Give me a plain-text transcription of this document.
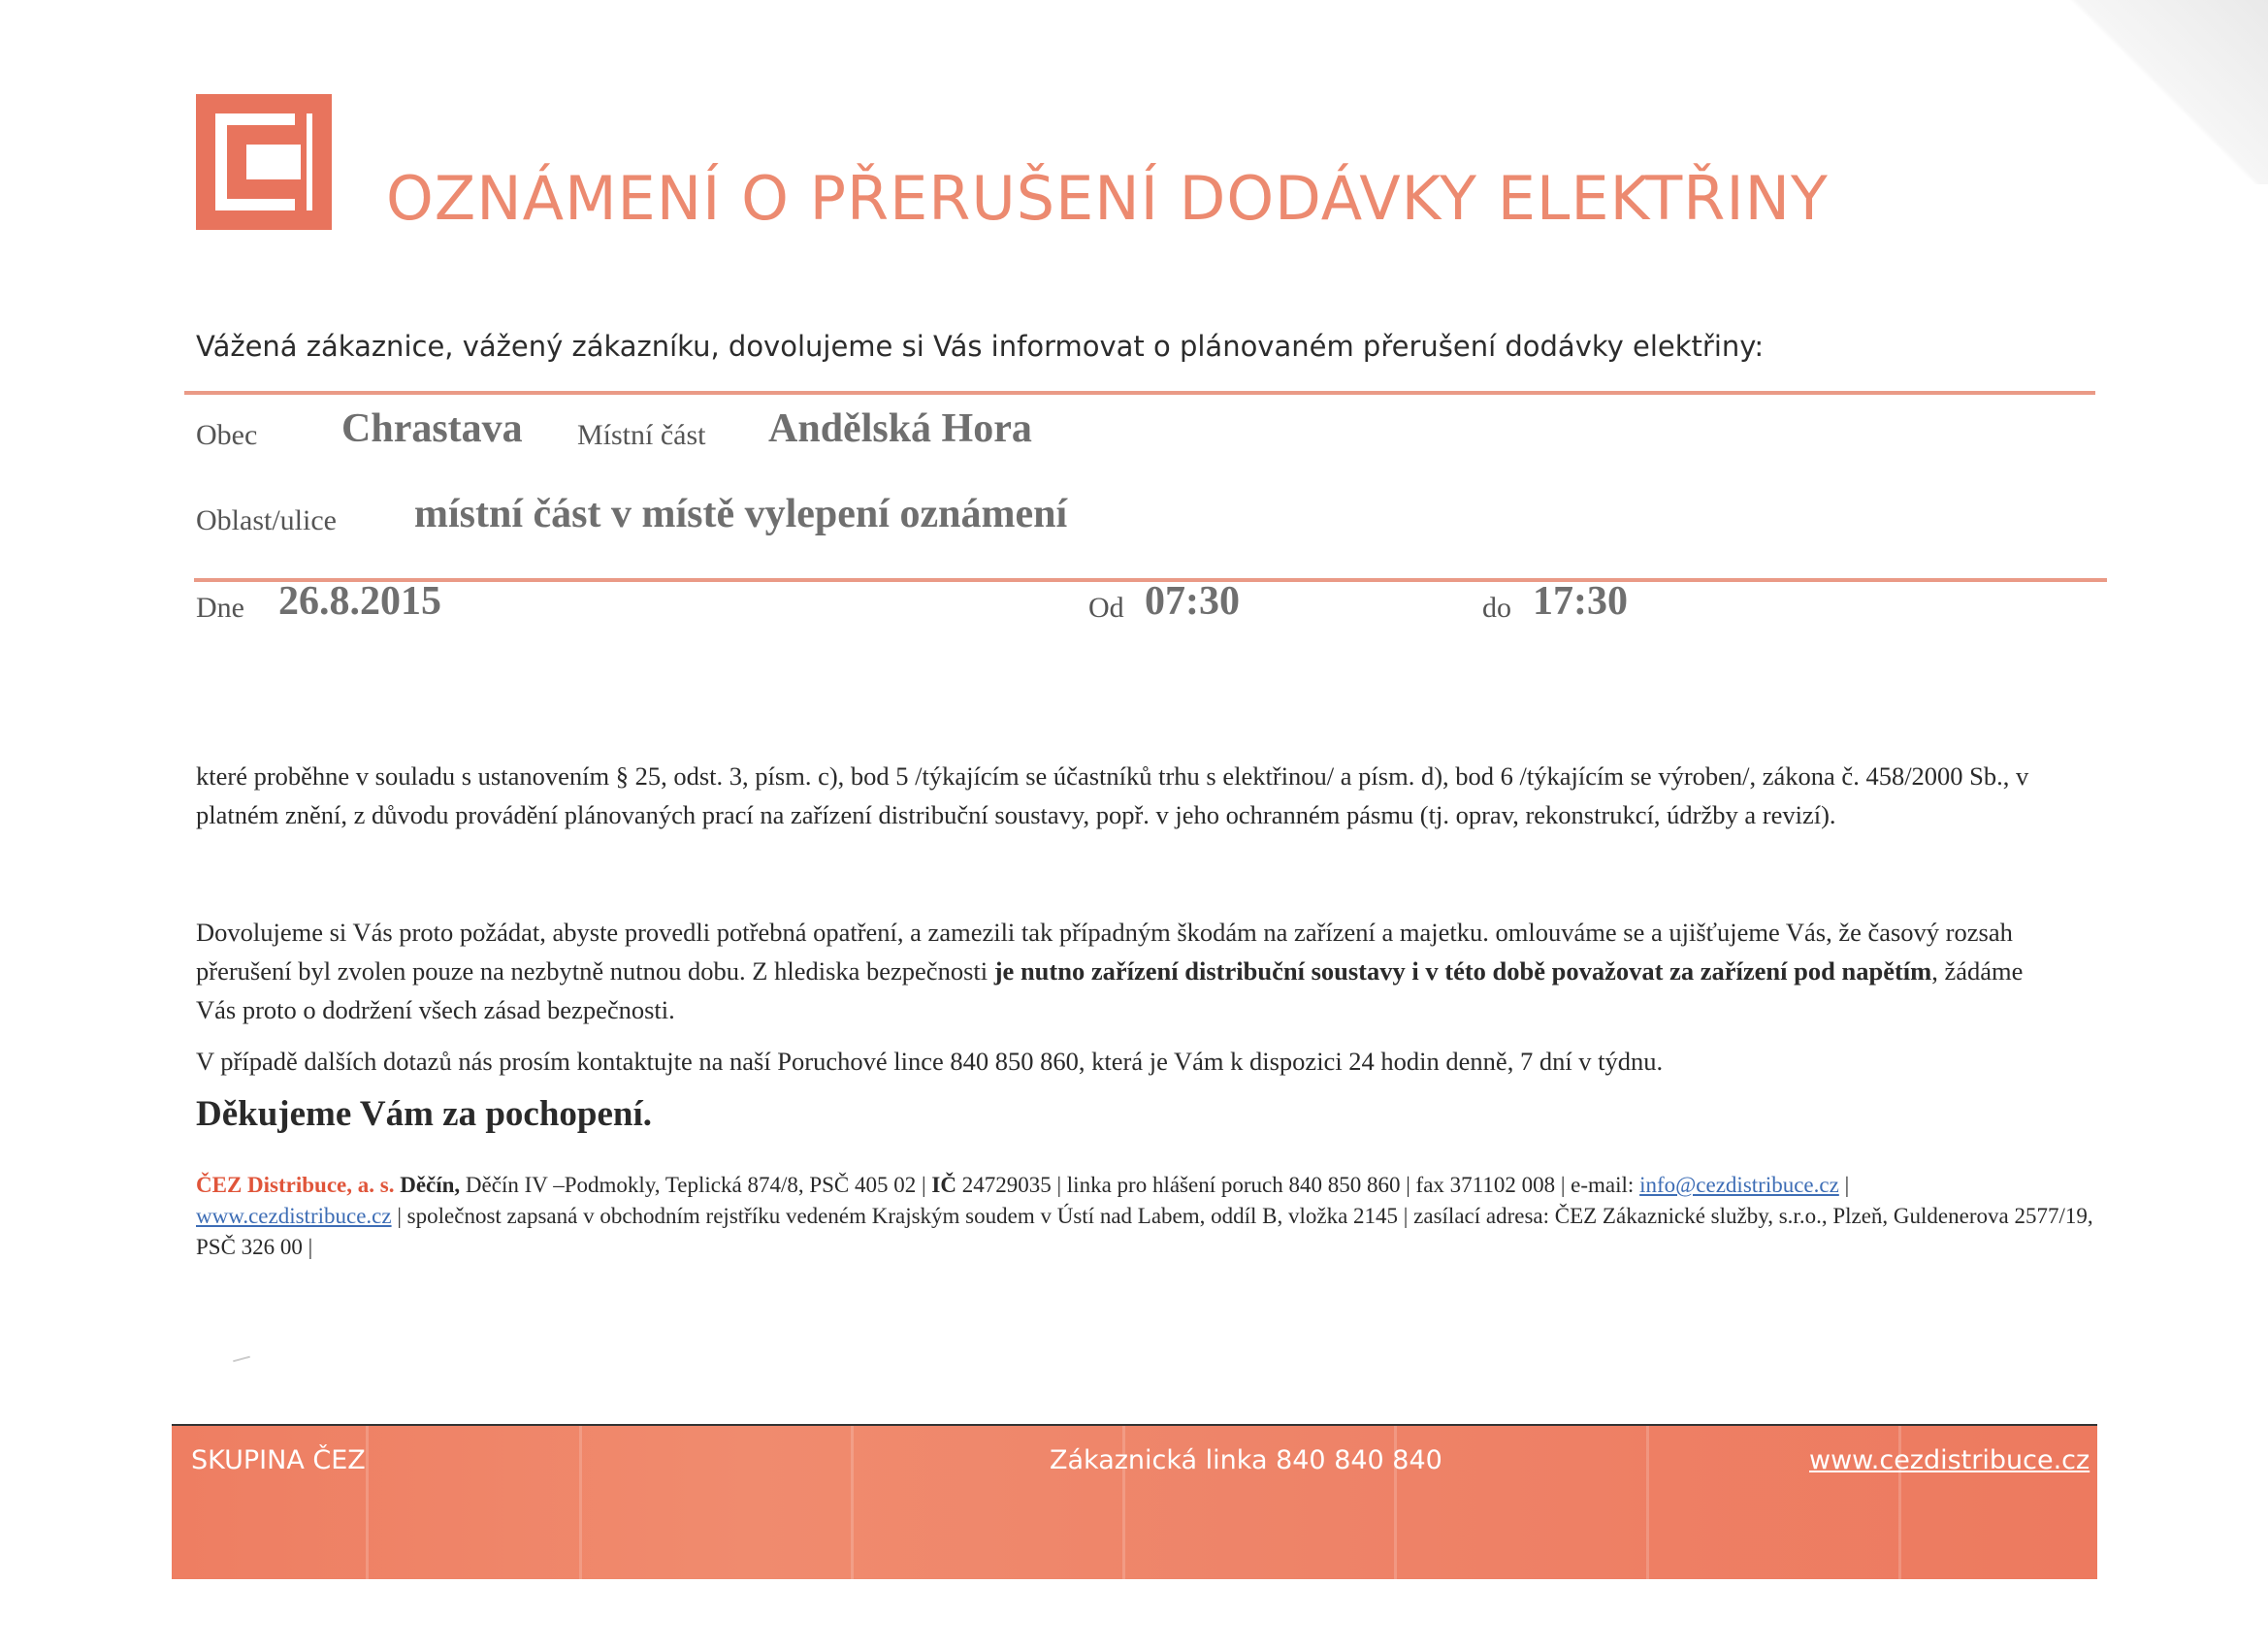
OZNÁMENÍ O PŘERUŠENÍ DODÁVKY ELEKTŘINY
Vážená zákaznice, vážený zákazníku, dovolujeme si Vás informovat o plánovaném přerušení dodávky elektřiny:
Obec Chrastava Místní část Andělská Hora
Oblast/ulice místní část v místě vylepení oznámení
Dne 26.8.2015	Od 07:30	do 17:30

které proběhne v souladu s ustanovením § 25, odst. 3, písm. c), bod 5 /týkajícím se účastníků trhu s elektřinou/ a písm. d), bod 6 /týkajícím se výroben/, zákona č. 458/2000 Sb., v platném znění, z důvodu provádění plánovaných prací na zařízení distribuční soustavy, popř. v jeho ochranném pásmu (tj. oprav, rekonstrukcí, údržby a revizí).

Dovolujeme si Vás proto požádat, abyste provedli potřebná opatření, a zamezili tak případným škodám na zařízení a majetku. omlouváme se a ujišťujeme Vás, že časový rozsah přerušení byl zvolen pouze na nezbytně nutnou dobu. Z hlediska bezpečnosti je nutno zařízení distribuční soustavy i v této době považovat za zařízení pod napětím, žádáme Vás proto o dodržení všech zásad bezpečnosti.

V případě dalších dotazů nás prosím kontaktujte na naší Poruchové lince 840 850 860, která je Vám k dispozici 24 hodin denně, 7 dní v týdnu.

Děkujeme Vám za pochopení.

ČEZ Distribuce, a. s. Děčín, Děčín IV –Podmokly, Teplická 874/8, PSČ 405 02 | IČ 24729035 | linka pro hlášení poruch 840 850 860 | fax 371102 008 | e-mail: info@cezdistribuce.cz |
www.cezdistribuce.cz | společnost zapsaná v obchodním rejstříku vedeném Krajským soudem v Ústí nad Labem, oddíl B, vložka 2145 | zasílací adresa: ČEZ Zákaznické služby, s.r.o., Plzeň, Guldenerova 2577/19, PSČ 326 00 |

SKUPINA ČEZ	Zákaznická linka 840 840 840	www.cezdistribuce.cz
